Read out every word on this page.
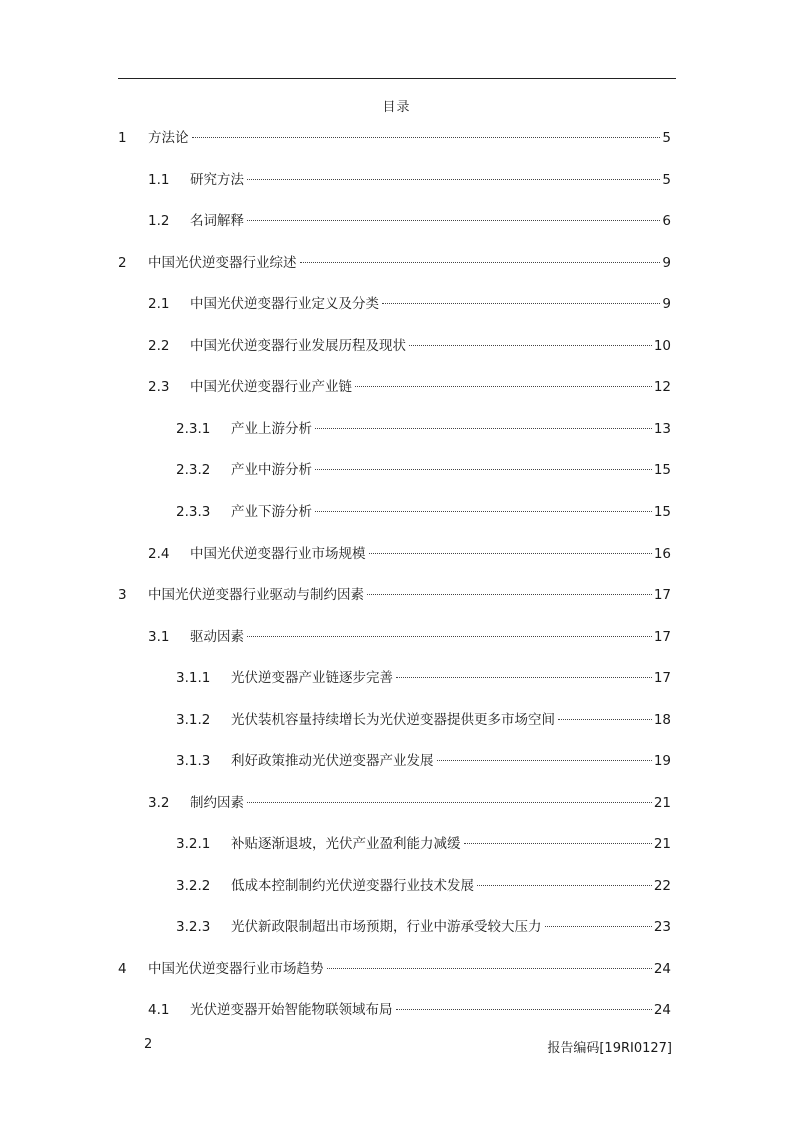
目录
1	方法论	5
1.1	研究方法	5
1.2	名词解释	6
2	中国光伏逆变器行业综述	9
2.1	中国光伏逆变器行业定义及分类	9
2.2	中国光伏逆变器行业发展历程及现状	10
2.3	中国光伏逆变器行业产业链	12
2.3.1	产业上游分析	13
2.3.2	产业中游分析	15
2.3.3	产业下游分析	15
2.4	中国光伏逆变器行业市场规模	16
3	中国光伏逆变器行业驱动与制约因素	17
3.1	驱动因素	17
3.1.1	光伏逆变器产业链逐步完善	17
3.1.2	光伏装机容量持续增长为光伏逆变器提供更多市场空间	18
3.1.3	利好政策推动光伏逆变器产业发展	19
3.2	制约因素	21
3.2.1	补贴逐渐退坡，光伏产业盈利能力减缓	21
3.2.2	低成本控制制约光伏逆变器行业技术发展	22
3.2.3	光伏新政限制超出市场预期，行业中游承受较大压力	23
4	中国光伏逆变器行业市场趋势	24
4.1	光伏逆变器开始智能物联领域布局	24
2	报告编码[19RI0127]
